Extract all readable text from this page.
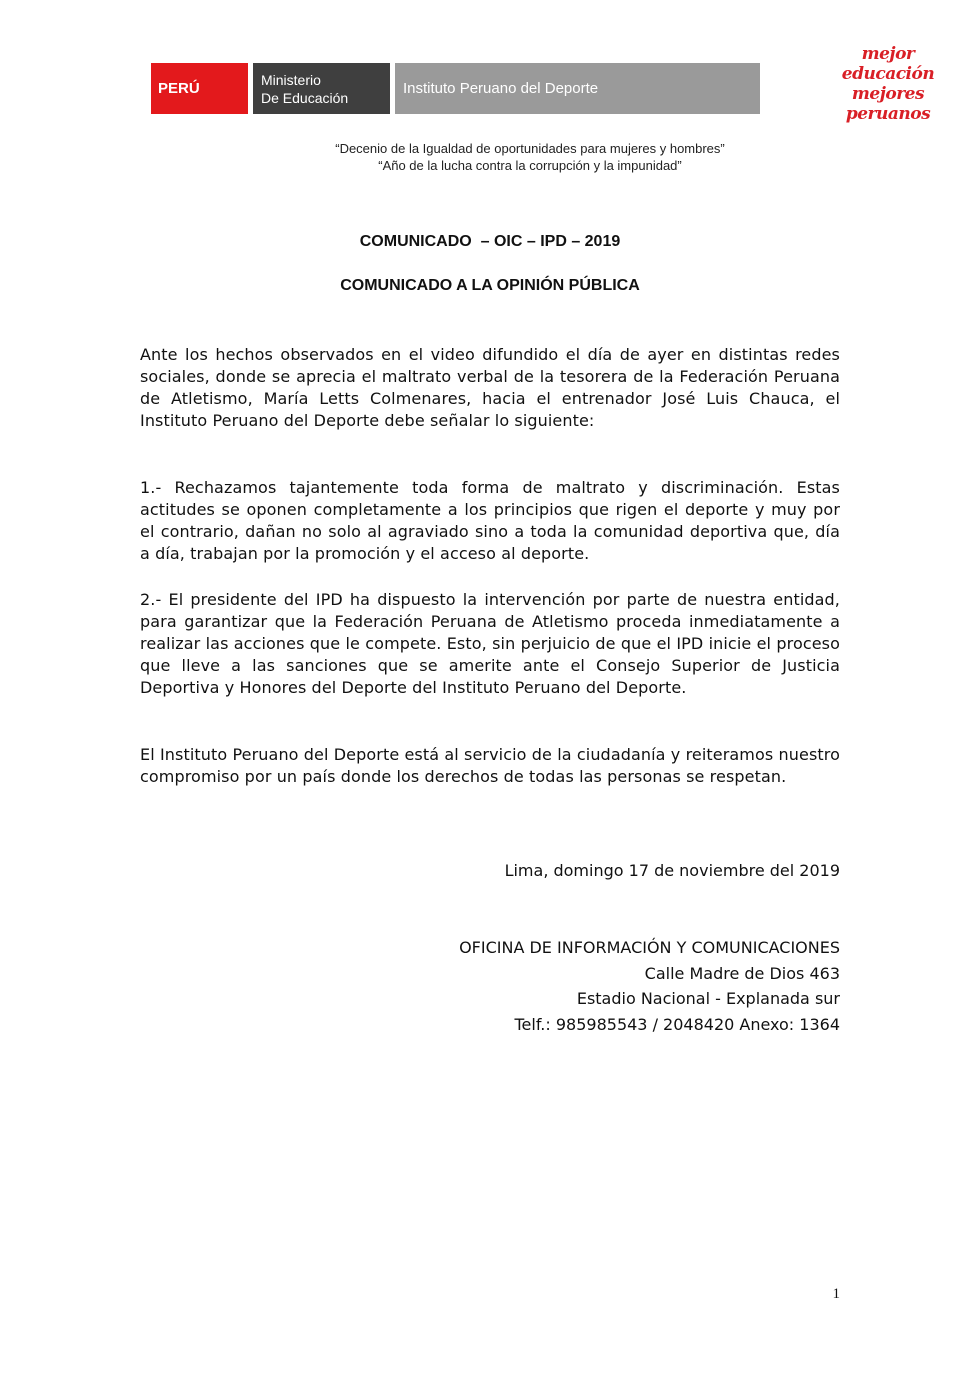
PERÚ	Ministerio
De Educación
Instituto Peruano del Deporte
mejor
educación
mejores
peruanos
“Decenio de la Igualdad de oportunidades para mujeres y hombres”
“Año de la lucha contra la corrupción y la impunidad”
COMUNICADO  – OIC – IPD – 2019
COMUNICADO A LA OPINIÓN PÚBLICA

Ante los hechos observados en el video difundido el día de ayer en distintas redes sociales, donde se aprecia el maltrato verbal de la tesorera de la Federación Peruana de Atletismo, María Letts Colmenares, hacia el entrenador José Luis Chauca, el Instituto Peruano del Deporte debe señalar lo siguiente:

1.- Rechazamos tajantemente toda forma de maltrato y discriminación. Estas actitudes se oponen completamente a los principios que rigen el deporte y muy por el contrario, dañan no solo al agraviado sino a toda la comunidad deportiva que, día a día, trabajan por la promoción y el acceso al deporte.

2.- El presidente del IPD ha dispuesto la intervención por parte de nuestra entidad, para garantizar que la Federación Peruana de Atletismo proceda inmediatamente a realizar las acciones que le compete. Esto, sin perjuicio de que el IPD inicie el proceso que lleve a las sanciones que se amerite ante el Consejo Superior de Justicia Deportiva y Honores del Deporte del Instituto Peruano del Deporte.

El Instituto Peruano del Deporte está al servicio de la ciudadanía y reiteramos nuestro compromiso por un país donde los derechos de todas las personas se respetan.

Lima, domingo 17 de noviembre del 2019
OFICINA DE INFORMACIÓN Y COMUNICACIONES
Calle Madre de Dios 463
Estadio Nacional - Explanada sur
Telf.: 985985543 / 2048420 Anexo: 1364
1
